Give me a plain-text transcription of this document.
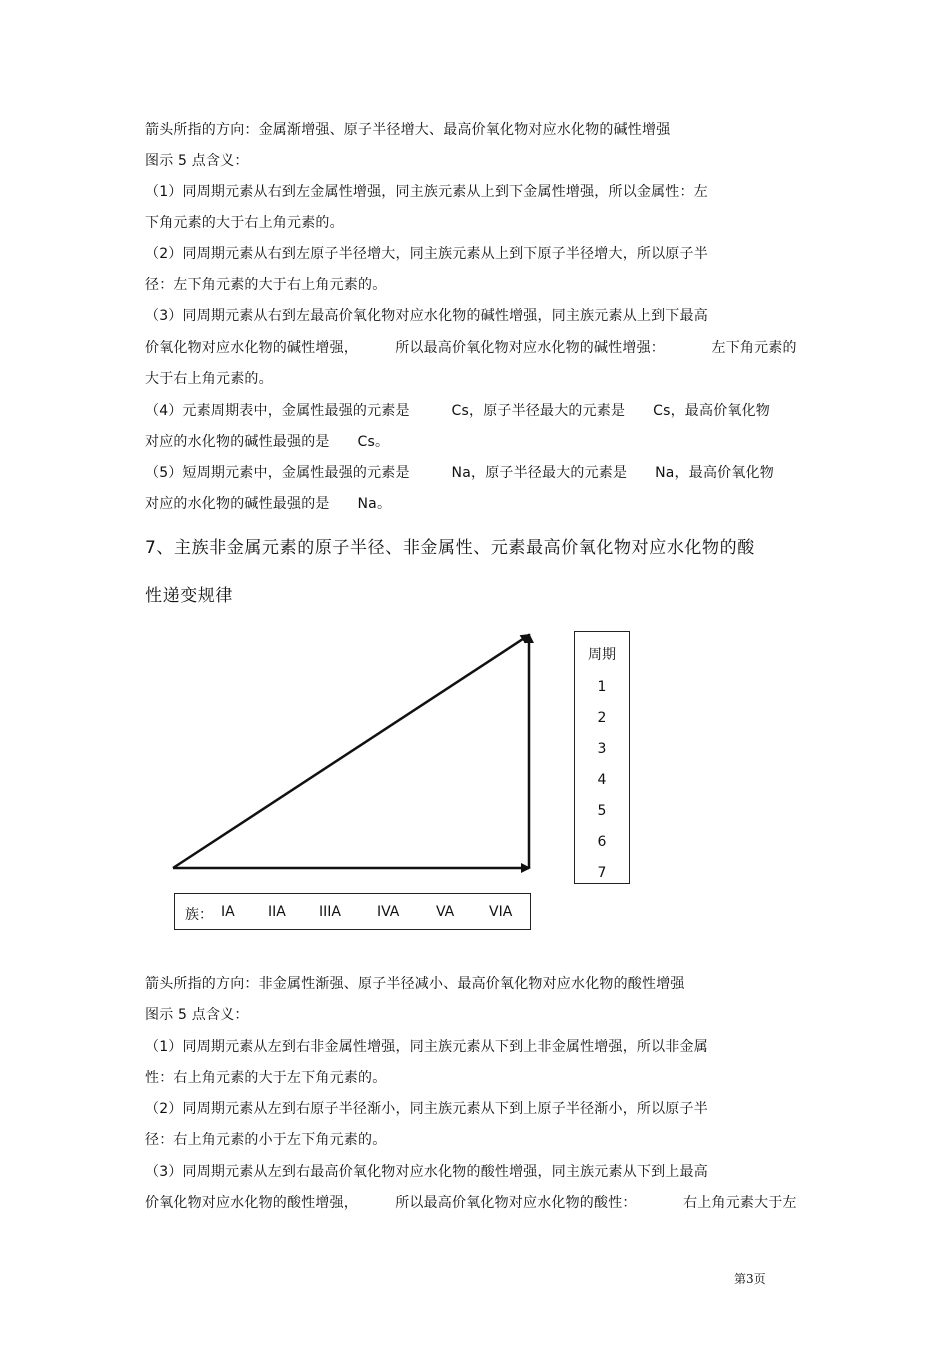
箭头所指的方向：金属渐增强、原子半径增大、最高价氧化物对应水化物的碱性增强
图示 5 点含义：
（1）同周期元素从右到左金属性增强，同主族元素从上到下金属性增强，所以金属性：左
下角元素的大于右上角元素的。
（2）同周期元素从右到左原子半径增大，同主族元素从上到下原子半径增大，所以原子半
径：左下角元素的大于右上角元素的。
（3）同周期元素从右到左最高价氧化物对应水化物的碱性增强，同主族元素从上到下最高
价氧化物对应水化物的碱性增强，        所以最高价氧化物对应水化物的碱性增强：          左下角元素的
大于右上角元素的。
（4）元素周期表中，金属性最强的元素是         Cs，原子半径最大的元素是      Cs，最高价氧化物
对应的水化物的碱性最强的是      Cs。
（5）短周期元素中，金属性最强的元素是         Na，原子半径最大的元素是      Na，最高价氧化物
对应的水化物的碱性最强的是      Na。
7、主族非金属元素的原子半径、非金属性、元素最高价氧化物对应水化物的酸
性递变规律
周期
1
2
3
4
5
6
7
族： IA IIA IIIA	IVA	VA VIA
箭头所指的方向：非金属性渐强、原子半径减小、最高价氧化物对应水化物的酸性增强
图示 5 点含义：
（1）同周期元素从左到右非金属性增强，同主族元素从下到上非金属性增强，所以非金属
性：右上角元素的大于左下角元素的。
（2）同周期元素从左到右原子半径渐小，同主族元素从下到上原子半径渐小，所以原子半
径：右上角元素的小于左下角元素的。
（3）同周期元素从左到右最高价氧化物对应水化物的酸性增强，同主族元素从下到上最高
价氧化物对应水化物的酸性增强，        所以最高价氧化物对应水化物的酸性：          右上角元素大于左
第3页
